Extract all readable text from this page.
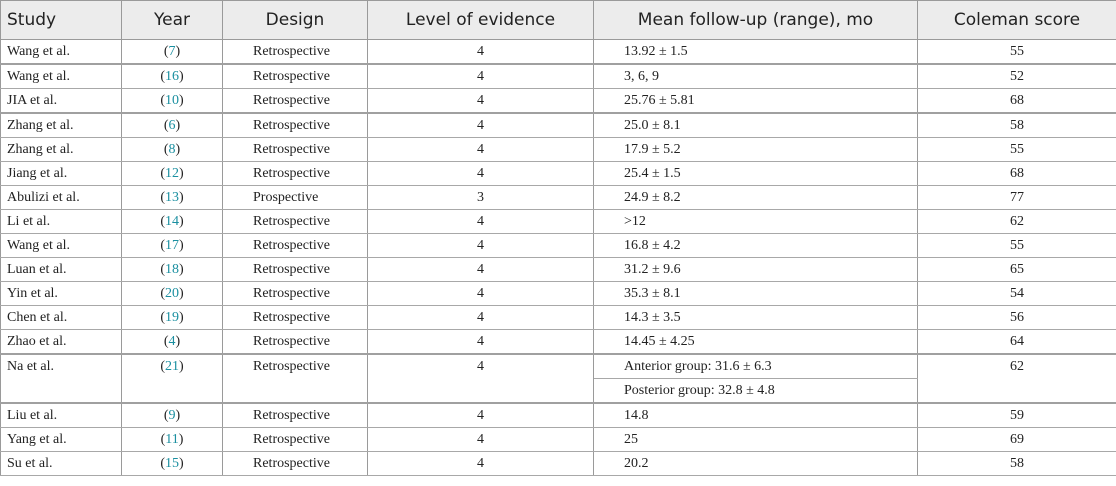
Study	Year	Design	Level of evidence	Mean follow-up (range), mo	Coleman score
Wang et al.	(7)	Retrospective	4	13.92 ± 1.5	55
Wang et al.	(16)	Retrospective	4	3, 6, 9	52
JIA et al.	(10)	Retrospective	4	25.76 ± 5.81	68
Zhang et al.	(6)	Retrospective	4	25.0 ± 8.1	58
Zhang et al.	(8)	Retrospective	4	17.9 ± 5.2	55
Jiang et al.	(12)	Retrospective	4	25.4 ± 1.5	68
Abulizi et al.	(13)	Prospective	3	24.9 ± 8.2	77
Li et al.	(14)	Retrospective	4	>12	62
Wang et al.	(17)	Retrospective	4	16.8 ± 4.2	55
Luan et al.	(18)	Retrospective	4	31.2 ± 9.6	65
Yin et al.	(20)	Retrospective	4	35.3 ± 8.1	54
Chen et al.	(19)	Retrospective	4	14.3 ± 3.5	56
Zhao et al.	(4)	Retrospective	4	14.45 ± 4.25	64
Na et al.	(21)	Retrospective	4	Anterior group: 31.6 ± 6.3	62
				Posterior group: 32.8 ± 4.8	
Liu et al.	(9)	Retrospective	4	14.8	59
Yang et al.	(11)	Retrospective	4	25	69
Su et al.	(15)	Retrospective	4	20.2	58
